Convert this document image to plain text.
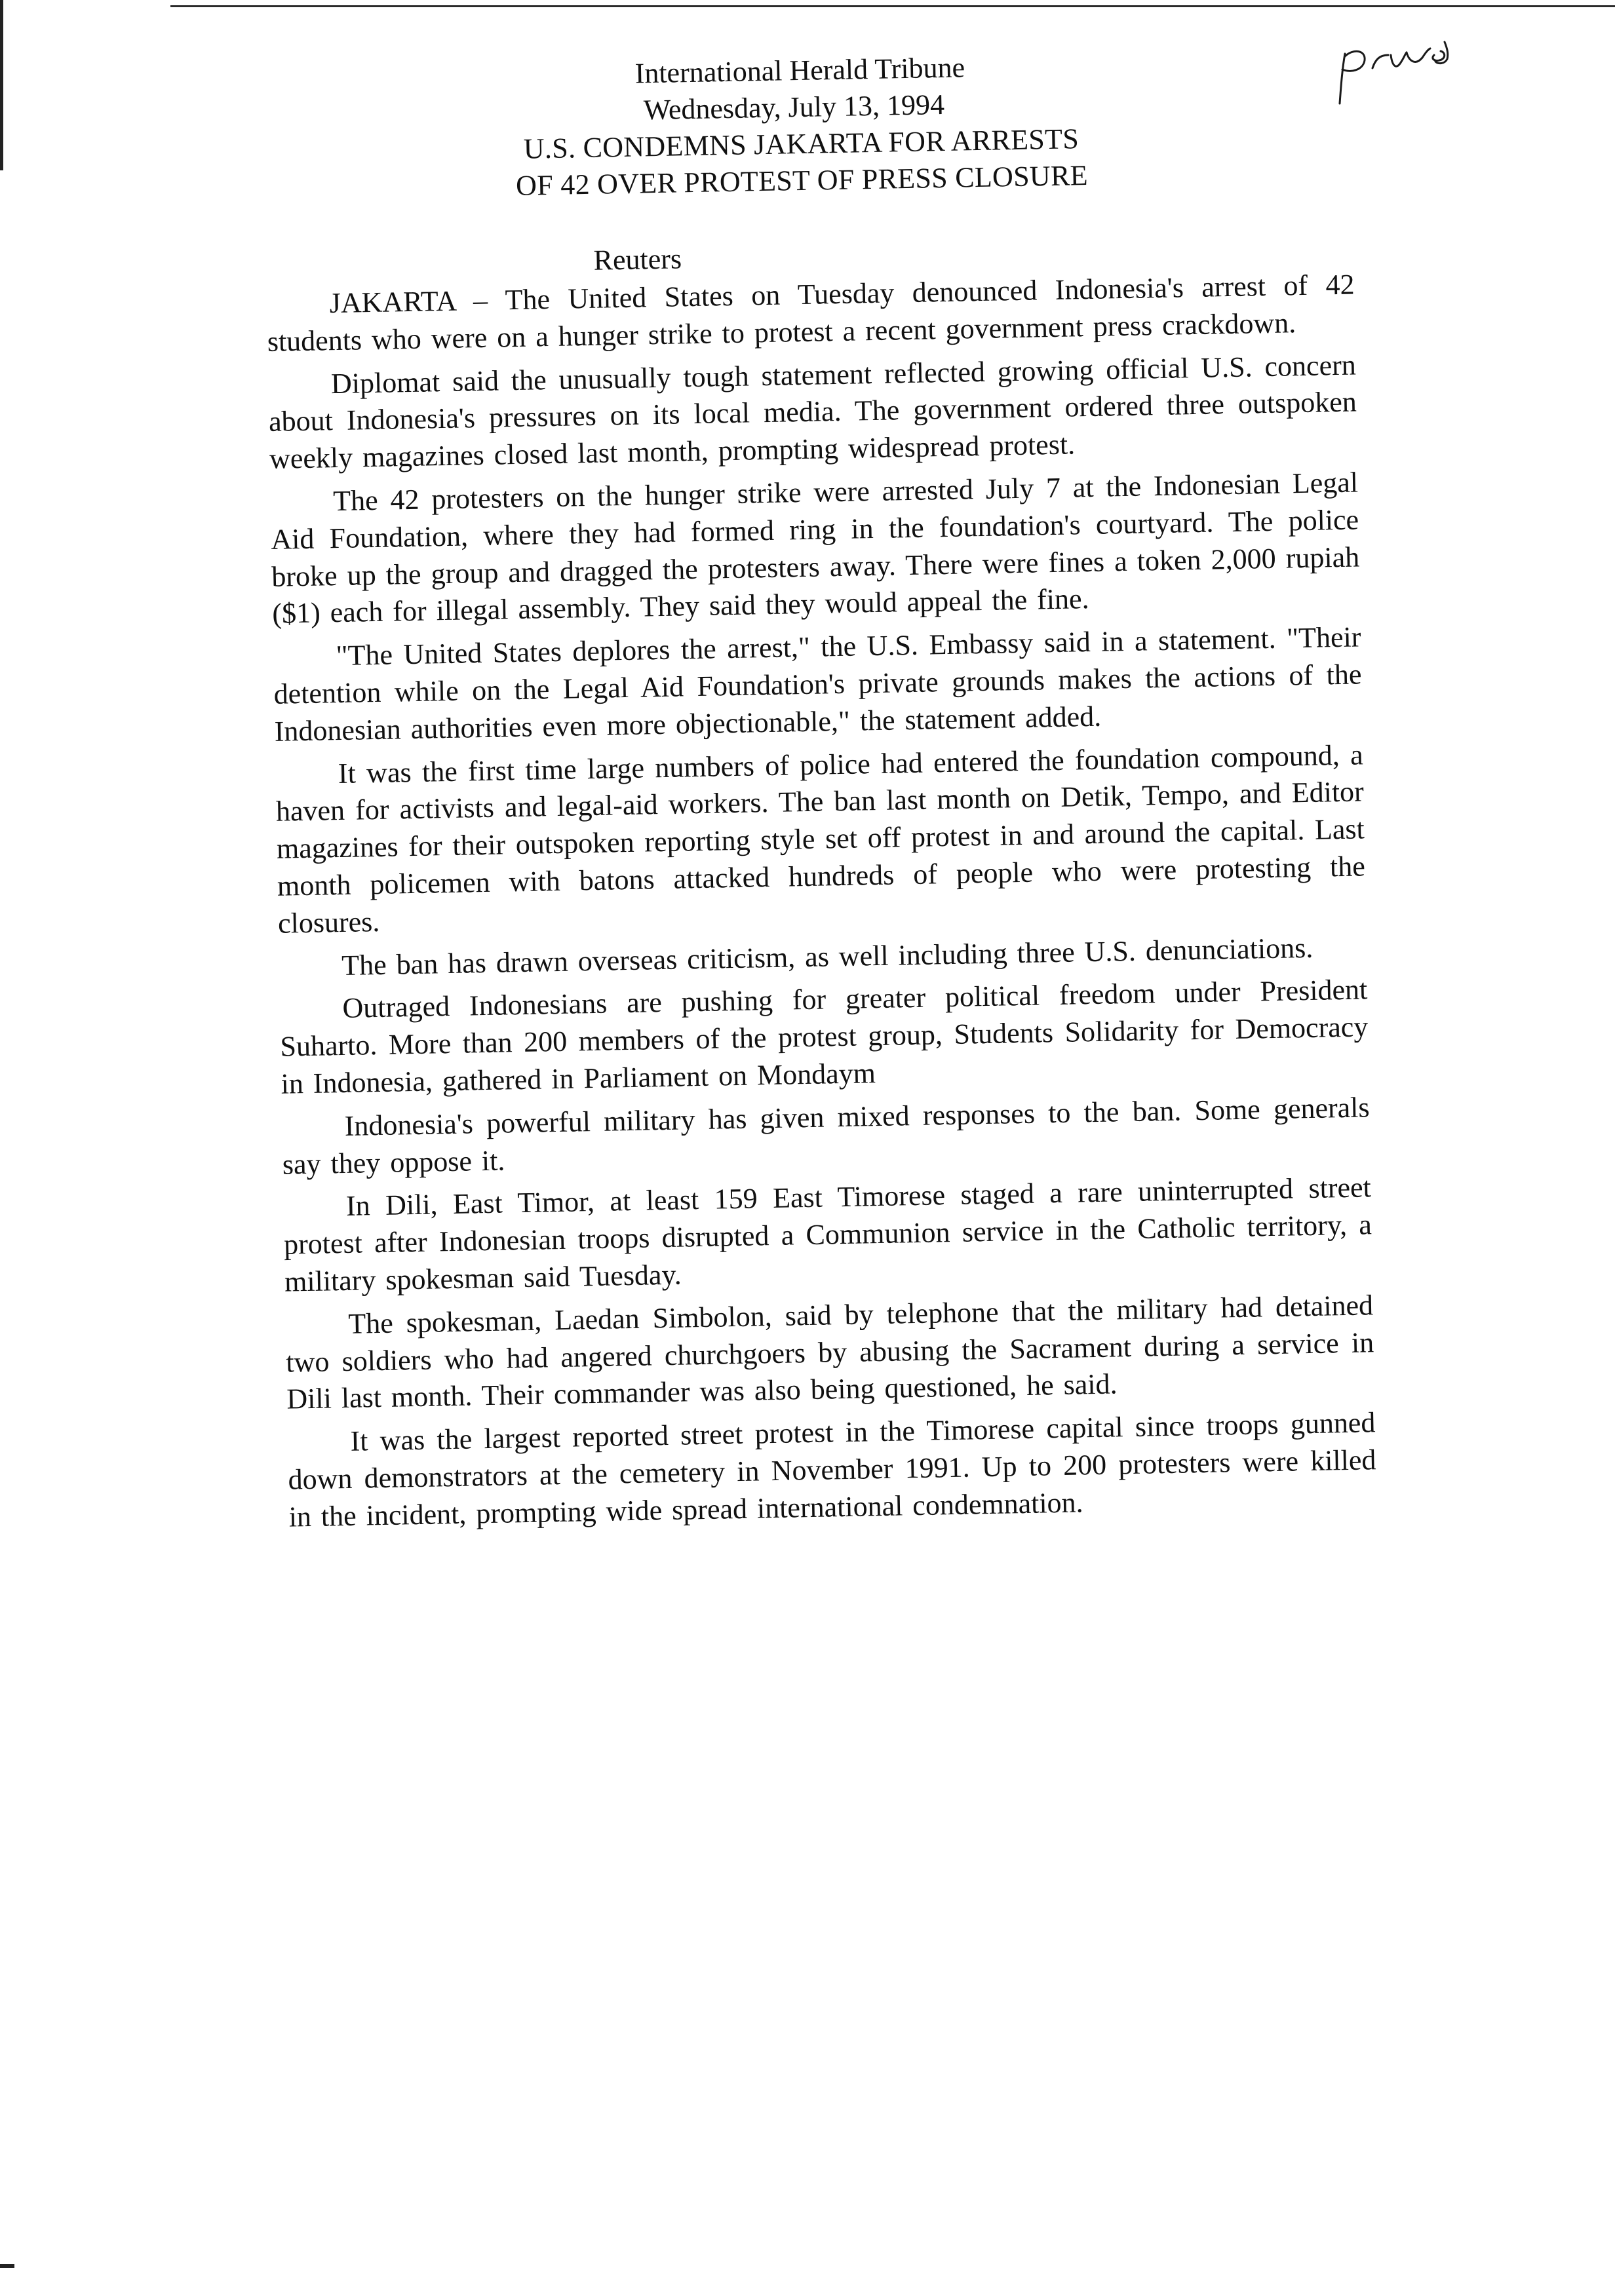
International Herald Tribune
Wednesday, July 13, 1994
U.S. CONDEMNS JAKARTA FOR ARRESTS
OF 42 OVER PROTEST OF PRESS CLOSURE
Reuters

JAKARTA – The United States on Tuesday denounced Indonesia's arrest of 42 students who were on a hunger strike to protest a recent government press crackdown.

Diplomat said the unusually tough statement reflected growing official U.S. concern about Indonesia's pressures on its local media. The government ordered three outspoken weekly magazines closed last month, prompting widespread protest.

The 42 protesters on the hunger strike were arrested July 7 at the Indonesian Legal Aid Foundation, where they had formed ring in the foundation's courtyard. The police broke up the group and dragged the protesters away. There were fines a token 2,000 rupiah ($1) each for illegal assembly. They said they would appeal the fine.

"The United States deplores the arrest," the U.S. Embassy said in a statement. "Their detention while on the Legal Aid Foundation's private grounds makes the actions of the Indonesian authorities even more objectionable," the statement added.

It was the first time large numbers of police had entered the foundation compound, a haven for activists and legal-aid workers. The ban last month on Detik, Tempo, and Editor magazines for their outspoken reporting style set off protest in and around the capital. Last month policemen with batons attacked hundreds of people who were protesting the closures.

The ban has drawn overseas criticism, as well including three U.S. denunciations.

Outraged Indonesians are pushing for greater political freedom under President Suharto. More than 200 members of the protest group, Students Solidarity for Democracy in Indonesia, gathered in Parliament on Mondaym

Indonesia's powerful military has given mixed responses to the ban. Some generals say they oppose it.

In Dili, East Timor, at least 159 East Timorese staged a rare uninterrupted street protest after Indonesian troops disrupted a Communion service in the Catholic territory, a military spokesman said Tuesday.

The spokesman, Laedan Simbolon, said by telephone that the military had detained two soldiers who had angered churchgoers by abusing the Sacrament during a service in Dili last month. Their commander was also being questioned, he said.

It was the largest reported street protest in the Timorese capital since troops gunned down demonstrators at the cemetery in November 1991. Up to 200 protesters were killed in the incident, prompting wide spread international condemnation.
